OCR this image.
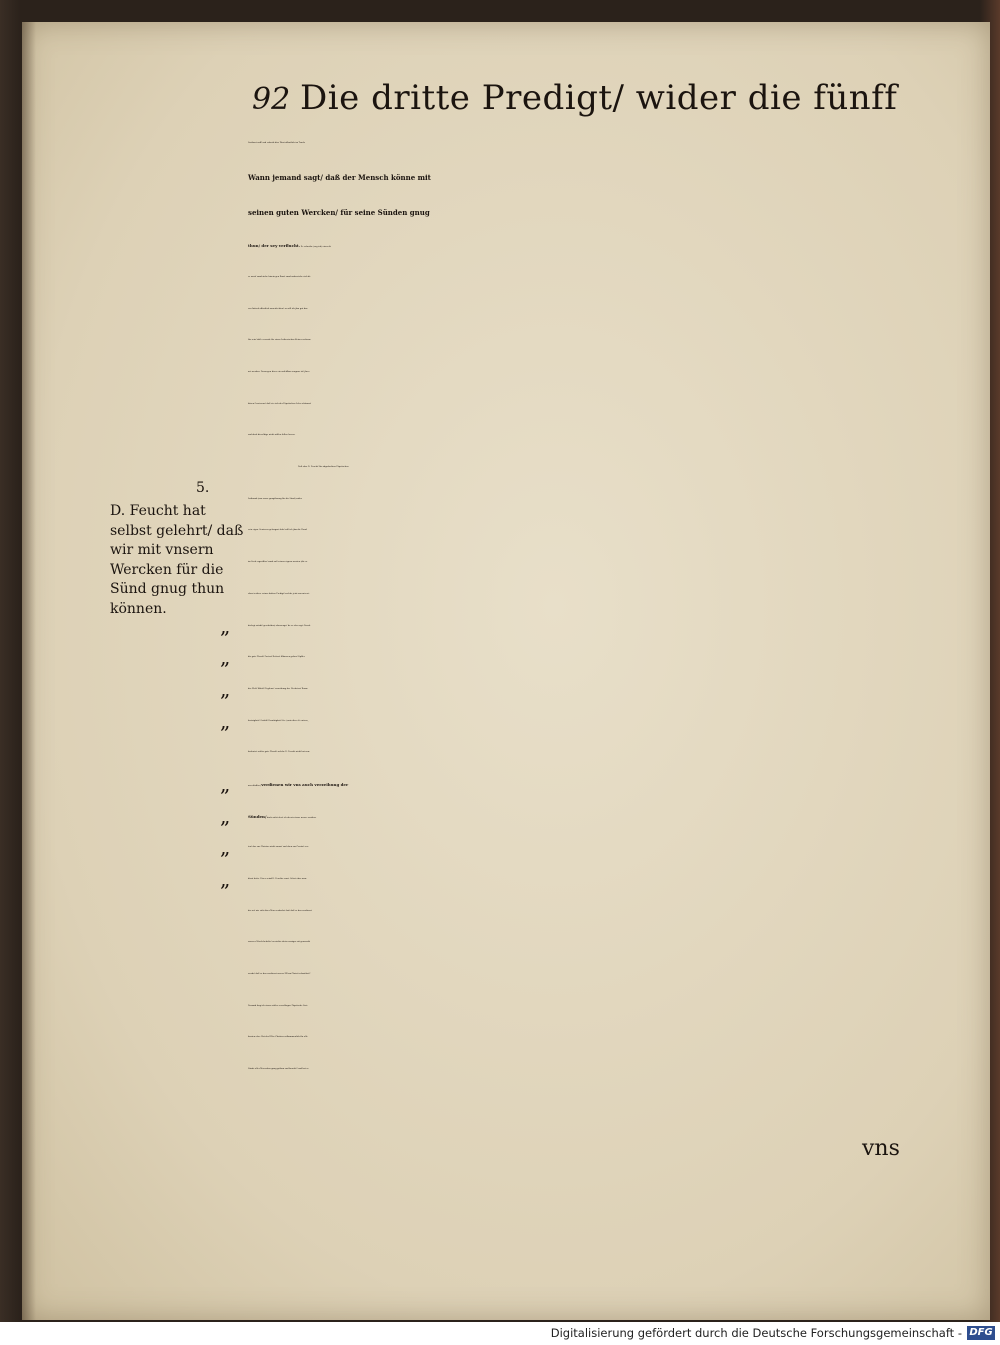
92 Die dritte Predigt/ wider die fünff
5.
D. Feucht hat
selbst gelehrt/ daß
wir mit vnsern
Wercken für die
Sünd gnug thun
können.
Scribent auff/ vnd schreib dise Wort offentlich im Truck:
Wann jemand sagt/ daß der Mensch könne mit
seinen guten Wercken/ für seine Sünden gnug
thun/ der sey verflucht. Es schreibe (sag ich) einer di-
se wort/ vnnd ziehe hinein gen Rom/ vnnd vnderstehe sich di-
sen Articul offentlich zuuerfechten/ so will ich jhm gut dar-
für sein/ daß er werde für einen Lutherischen Ketzer verbren-
net werden. Derwegen dises ein vnfehlbar zeugnus ist/ jhres
bösen Gewissens/ daß sie sich der Päpstischen Lehr schämen/
vnd doch dieselbige nicht wöllen fallen lassen.
Daß aber D. Feucht/ für obgedachten Päpstischen
Irrthumb (von vnser gnugthuung für die Sünd) wider
sein eigen Gewissen gelaugnet hab/ will ich jhm die Hand
im Sack ergreiffen/ vnnd auß seinen eignen worten (die er
eben in diser seiner dritten Predigt/ welche jetzt von mir wi-
„	derlegt würdt/ geschriben) vberzeuge/ da er also sagt: Durch
„	die gute Werck/ Fasten/ Betten/ Allmosen geben/ Opffer
„	der Meß/ Ablaß/ Fegfewr/ verzeihung des Nechsten/ Barm-
„	hertzigkeit/ Gedult/ Demütigkeit/ &c. (nota dises & cætera,
bedeutet solche gute Werck/ welche D. Feucht nicht hat nen-
„	nen dürffen) verdienen wir vns auch verzeihung der
„	Sünden/ doch nicht also/ als ob wir etwas newes verdien-
„	ten/ das vns Christus nicht zuuor/ vnd eben am Creutz/ ver-
„	dient hette. Dises seind D. Feuchtẽ wort. Sehet aber wun-
der zu/ wie sich diser Man verdrehet hat/ daß er den verdienst
vnserer Werck behalte/ vñ nichts desto weniger nit gemerckt
werde/ daß er den verdienst vnsers HErrn Christi schmälert?
Darumb frag ich einen solchẽ verschlagnẽ Päpstischẽ Scri-
benten also: Hat der HErr Christus volkommenlich für alle
Sündẽ aller Menschen gnug gethon vnd bezalet? vnd hat er
vns
Digitalisierung gefördert durch die Deutsche Forschungsgemeinschaft - DFG
